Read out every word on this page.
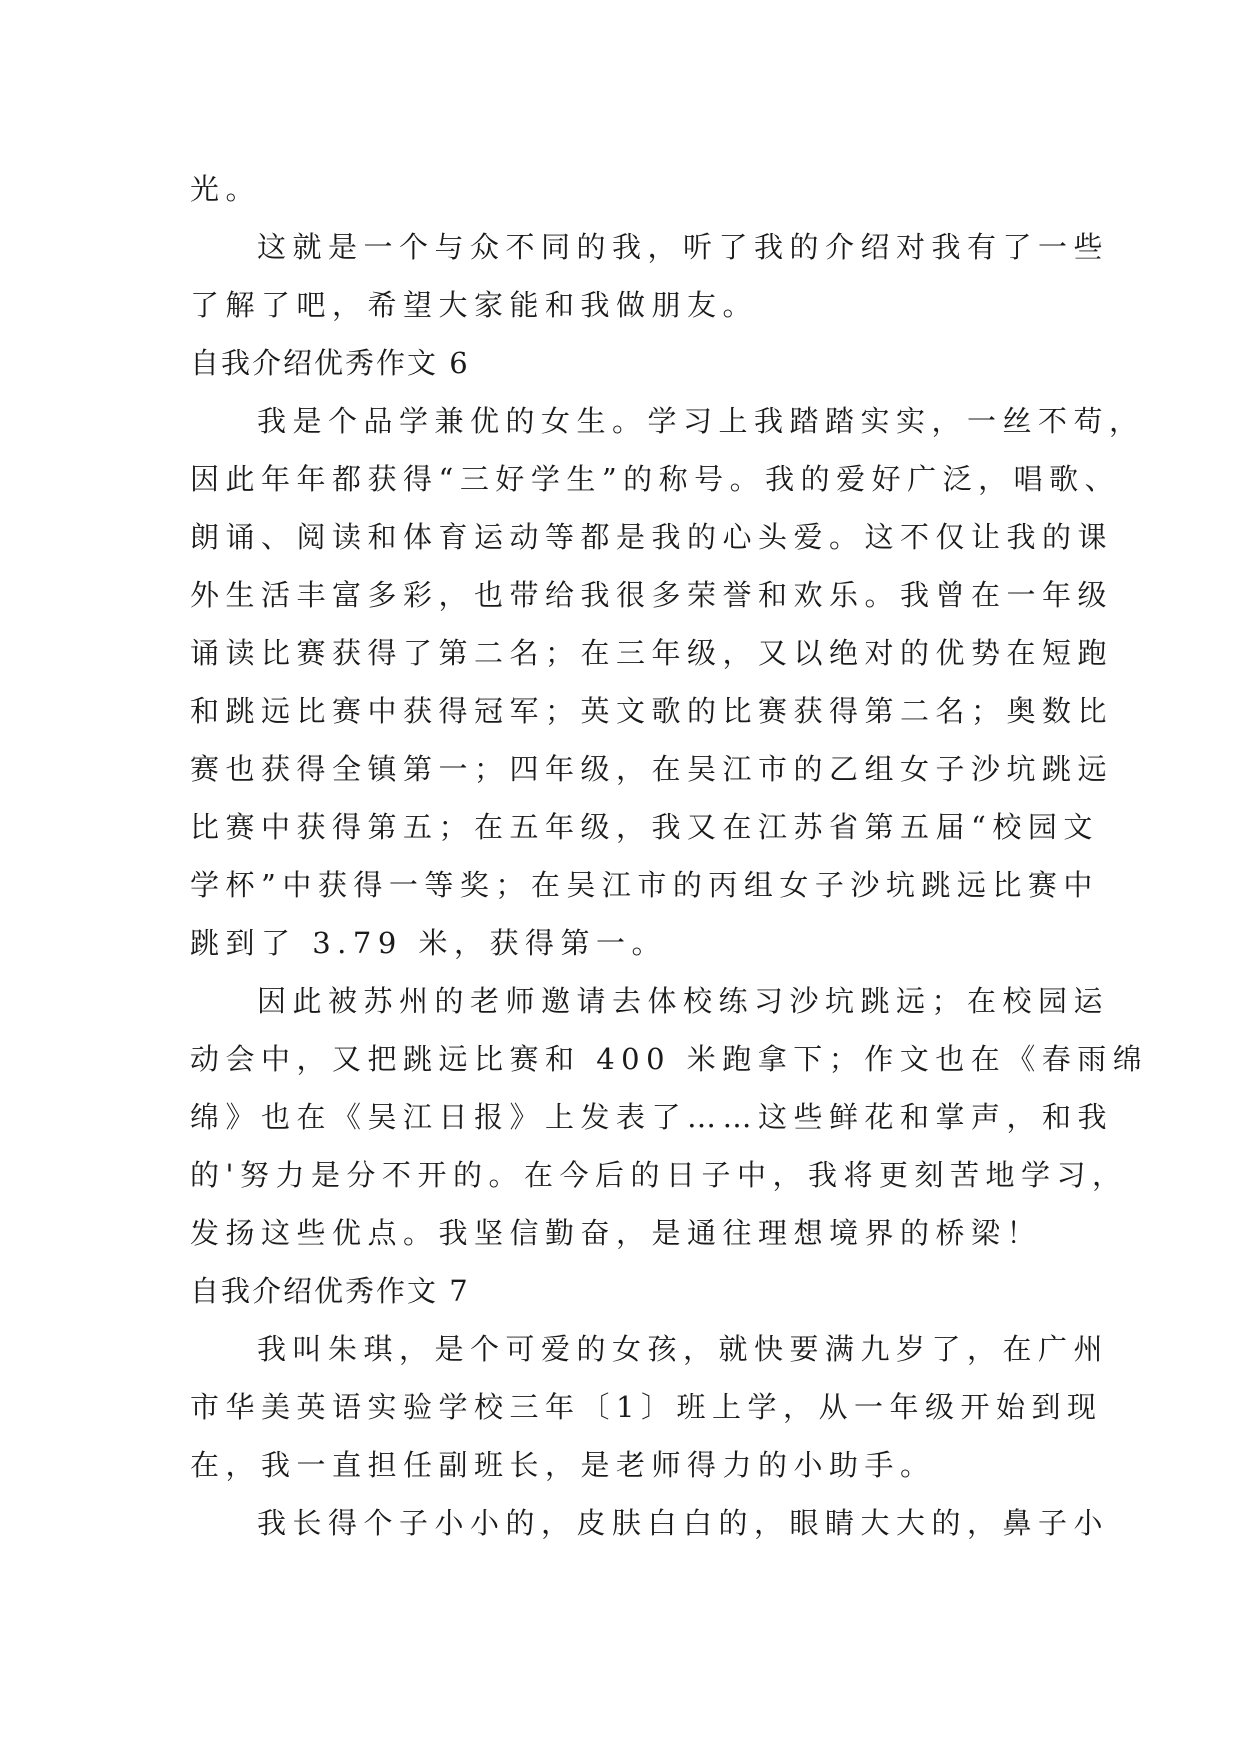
光。
这就是一个与众不同的我，听了我的介绍对我有了一些
了解了吧，希望大家能和我做朋友。
自我介绍优秀作文 6
我是个品学兼优的女生。学习上我踏踏实实，一丝不苟，
因此年年都获得“三好学生”的称号。我的爱好广泛，唱歌、
朗诵、阅读和体育运动等都是我的心头爱。这不仅让我的课
外生活丰富多彩，也带给我很多荣誉和欢乐。我曾在一年级
诵读比赛获得了第二名；在三年级，又以绝对的优势在短跑
和跳远比赛中获得冠军；英文歌的比赛获得第二名；奥数比
赛也获得全镇第一；四年级，在吴江市的乙组女子沙坑跳远
比赛中获得第五；在五年级，我又在江苏省第五届“校园文
学杯”中获得一等奖；在吴江市的丙组女子沙坑跳远比赛中
跳到了 3.79 米，获得第一。
因此被苏州的老师邀请去体校练习沙坑跳远；在校园运
动会中，又把跳远比赛和 400 米跑拿下；作文也在《春雨绵
绵》也在《吴江日报》上发表了……这些鲜花和掌声，和我
的'努力是分不开的。在今后的日子中，我将更刻苦地学习，
发扬这些优点。我坚信勤奋，是通往理想境界的桥梁！
自我介绍优秀作文 7
我叫朱琪，是个可爱的女孩，就快要满九岁了，在广州
市华美英语实验学校三年〔1〕班上学，从一年级开始到现
在，我一直担任副班长，是老师得力的小助手。
我长得个子小小的，皮肤白白的，眼睛大大的，鼻子小
